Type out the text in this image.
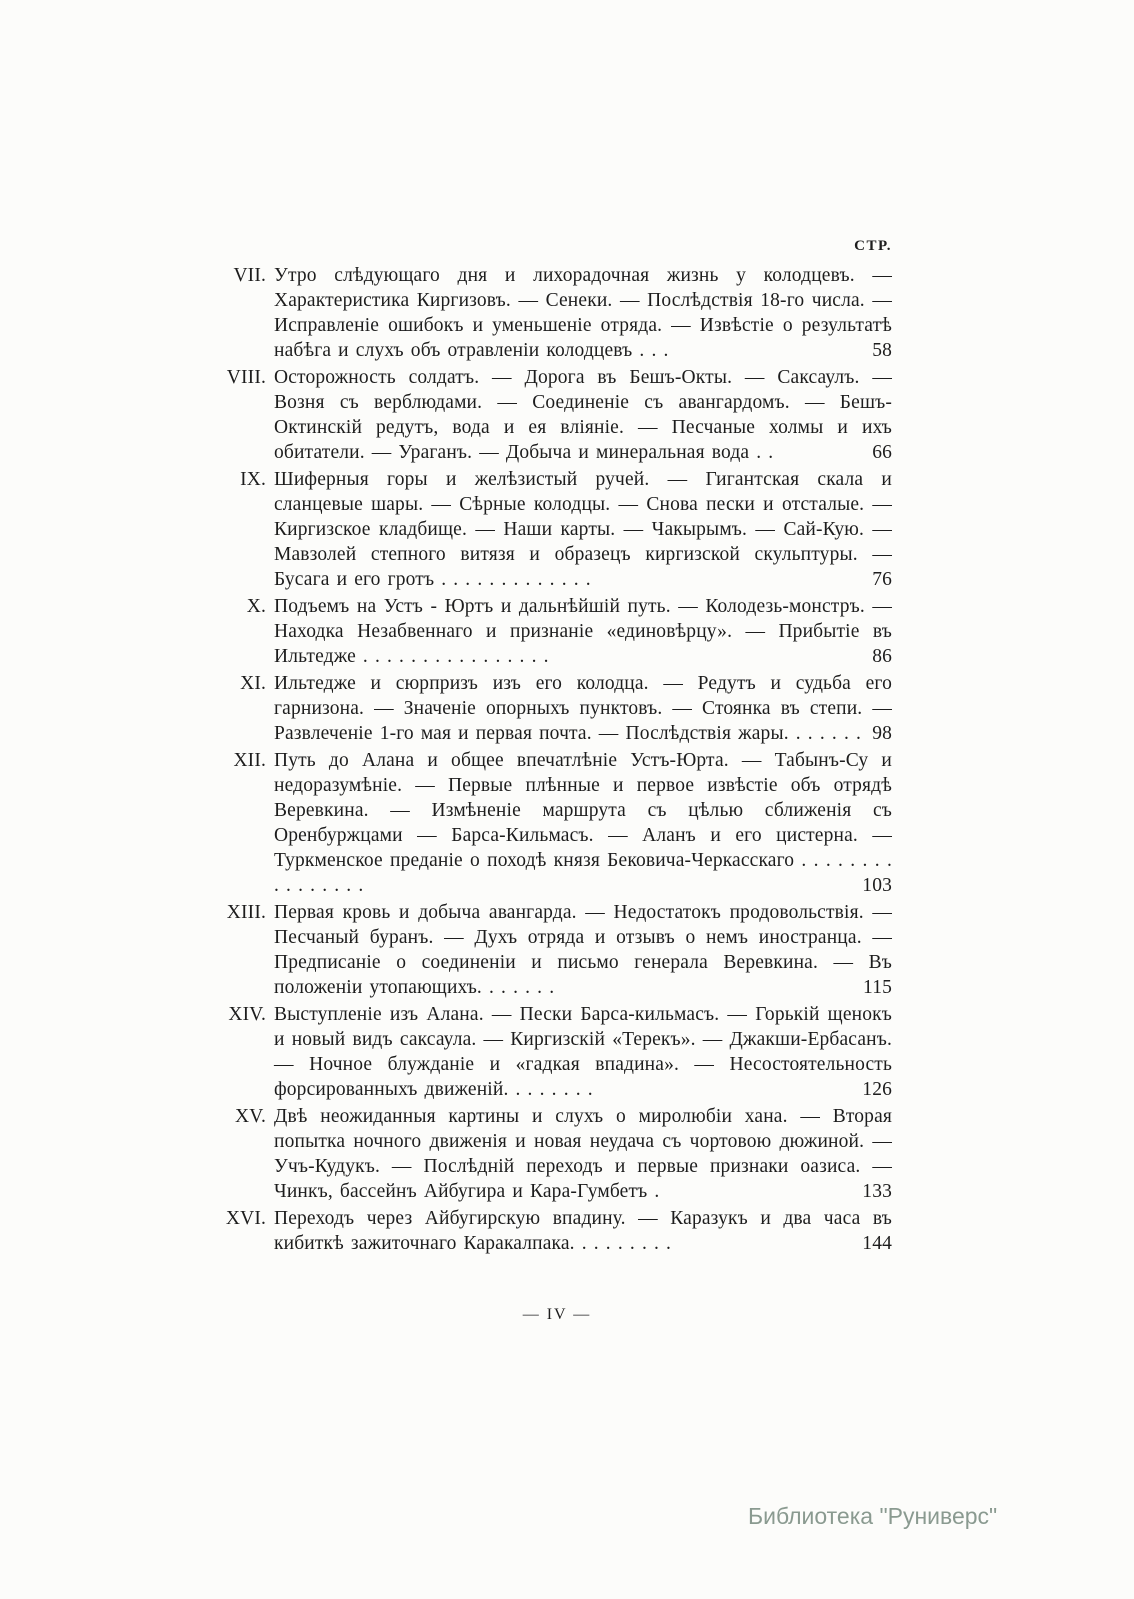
СТР.
VII. Утро слѣдующаго дня и лихорадочная жизнь у колодцевъ. — Характеристика Киргизовъ. — Сенеки. — Послѣдствія 18-го числа. — Исправленіе ошибокъ и уменьшеніе отряда. — Извѣстіе о результатѣ набѣга и слухъ объ отравленіи колодцевъ . . .	58
VIII. Осторожность солдатъ. — Дорога въ Бешъ-Окты. — Саксаулъ. — Возня съ верблюдами. — Соединеніе съ авангардомъ. — Бешъ-Октинскій редутъ, вода и ея вліяніе. — Песчаные холмы и ихъ обитатели. — Ураганъ. — Добыча и минеральная вода . .	66
IX. Шиферныя горы и желѣзистый ручей. — Гигантская скала и сланцевые шары. — Сѣрные колодцы. — Снова пески и отсталые. — Киргизское кладбище. — Наши карты. — Чакырымъ. — Сай-Кую. — Мавзолей степного витязя и образецъ киргизской скульптуры. — Бусага и его гротъ . . . . . . . . . . . . .	76
X. Подъемъ на Устъ - Юртъ и дальнѣйшій путь. — Колодезь-монстръ. — Находка Незабвеннаго и признаніе «единовѣрцу». — Прибытіе въ Ильтедже . . . . . . . . . . . . . . . .	86
XI. Ильтедже и сюрпризъ изъ его колодца. — Редутъ и судьба его гарнизона. — Значеніе опорныхъ пунктовъ. — Стоянка въ степи. — Развлеченіе 1-го мая и первая почта. — Послѣдствія жары. . . . . . . 98
XII. Путь до Алана и общее впечатлѣніе Устъ-Юрта. — Табынъ-Су и недоразумѣніе. — Первые плѣнные и первое извѣстіе объ отрядѣ Веревкина. — Измѣненіе маршрута съ цѣлью сближенія съ Оренбуржцами — Барса-Кильмасъ. — Аланъ и его цистерна. — Туркменское преданіе о походѣ князя Бековича-Черкасскаго . . . . . . . . . . . . . . . .	103
XIII. Первая кровь и добыча авангарда. — Недостатокъ продовольствія. — Песчаный буранъ. — Духъ отряда и отзывъ о немъ иностранца. — Предписаніе о соединеніи и письмо генерала Веревкина. — Въ положеніи утопающихъ. . . . . . .	115
XIV. Выступленіе изъ Алана. — Пески Барса-кильмасъ. — Горькій щенокъ и новый видъ саксаула. — Киргизскій «Терекъ». — Джакши-Ербасанъ. — Ночное блужданіе и «гадкая впадина». — Несостоятельность форсированныхъ движеній. . . . . . . .	126
XV. Двѣ неожиданныя картины и слухъ о миролюбіи хана. — Вторая попытка ночного движенія и новая неудача съ чортовою дюжиной. — Учъ-Кудукъ. — Послѣдній переходъ и первые признаки оазиса. — Чинкъ, бассейнъ Айбугира и Кара-Гумбетъ .	133
XVI. Переходъ через Айбугирскую впадину. — Каразукъ и два часа въ кибиткѣ зажиточнаго Каракалпака. . . . . . . . .	144
— IV —
Библиотека "Руниверс"
